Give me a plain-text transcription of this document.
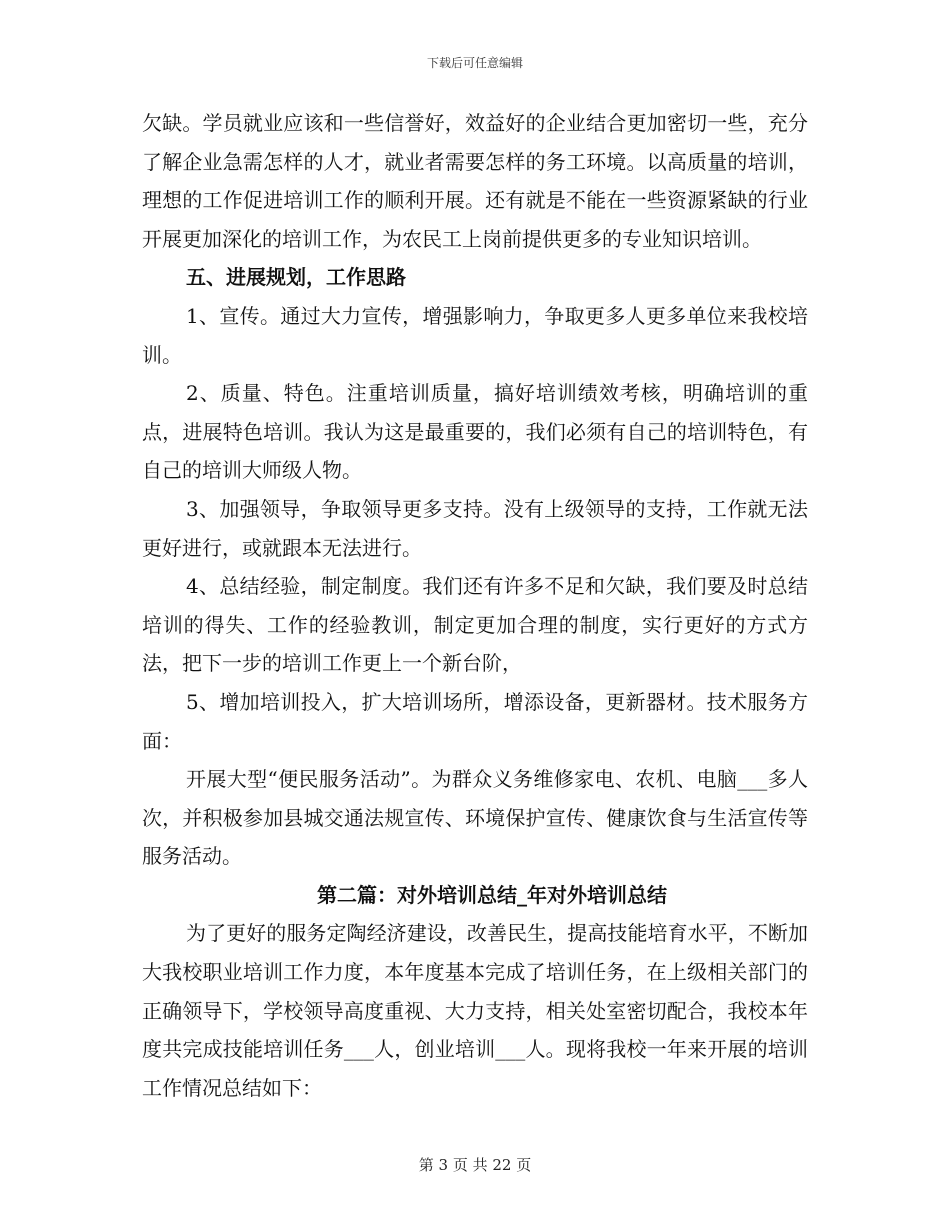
下载后可任意编辑

欠缺。学员就业应该和一些信誉好，效益好的企业结合更加密切一些，充分了解企业急需怎样的人才，就业者需要怎样的务工环境。以高质量的培训，理想的工作促进培训工作的顺利开展。还有就是不能在一些资源紧缺的行业开展更加深化的培训工作，为农民工上岗前提供更多的专业知识培训。

五、进展规划，工作思路

1、宣传。通过大力宣传，增强影响力，争取更多人更多单位来我校培训。

2、质量、特色。注重培训质量，搞好培训绩效考核，明确培训的重点，进展特色培训。我认为这是最重要的，我们必须有自己的培训特色，有自己的培训大师级人物。

3、加强领导，争取领导更多支持。没有上级领导的支持，工作就无法更好进行，或就跟本无法进行。

4、总结经验，制定制度。我们还有许多不足和欠缺，我们要及时总结培训的得失、工作的经验教训，制定更加合理的制度，实行更好的方式方法，把下一步的培训工作更上一个新台阶，

5、增加培训投入，扩大培训场所，增添设备，更新器材。技术服务方面：

开展大型“便民服务活动”。为群众义务维修家电、农机、电脑___多人次，并积极参加县城交通法规宣传、环境保护宣传、健康饮食与生活宣传等服务活动。

第二篇：对外培训总结_年对外培训总结

为了更好的服务定陶经济建设，改善民生，提高技能培育水平，不断加大我校职业培训工作力度，本年度基本完成了培训任务，在上级相关部门的正确领导下，学校领导高度重视、大力支持，相关处室密切配合，我校本年度共完成技能培训任务___人，创业培训___人。现将我校一年来开展的培训工作情况总结如下：

第 3 页 共 22 页
